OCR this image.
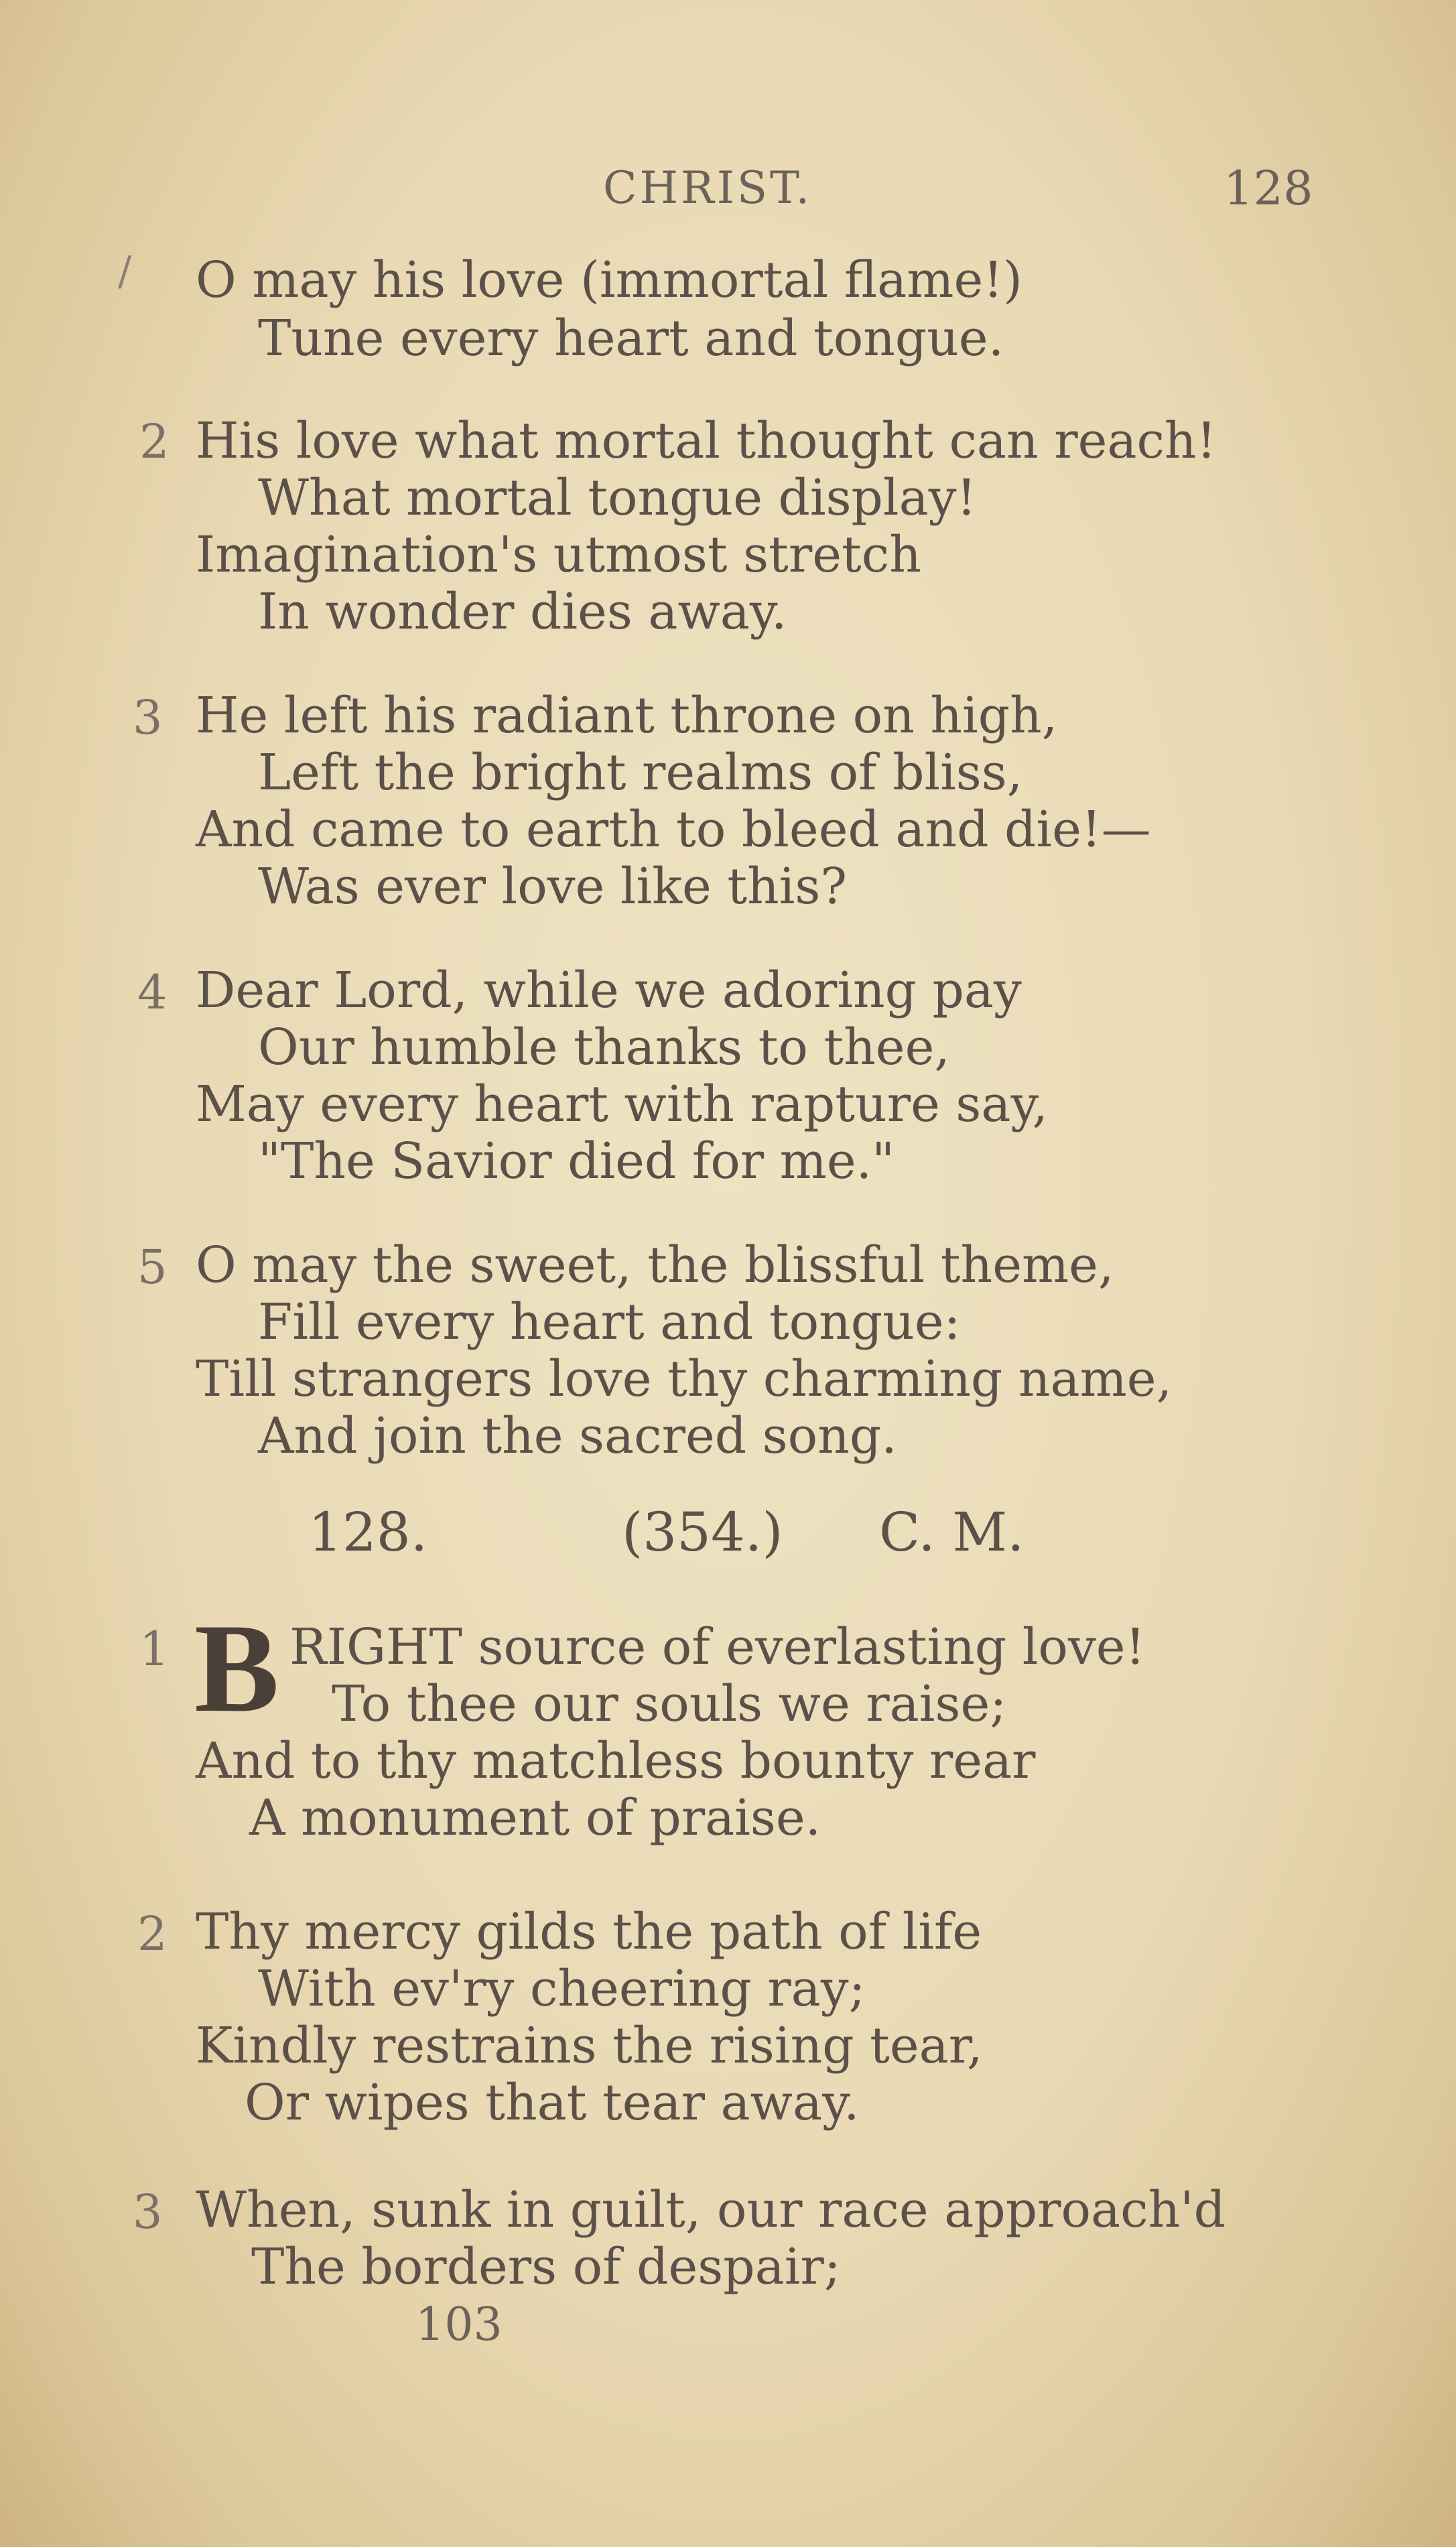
CHRIST.	128
/ O may his love (immortal flame!)
Tune every heart and tongue.
2 His love what mortal thought can reach!
What mortal tongue display!
Imagination's utmost stretch
In wonder dies away.
3 He left his radiant throne on high,
Left the bright realms of bliss,
And came to earth to bleed and die!—
Was ever love like this?
4 Dear Lord, while we adoring pay
Our humble thanks to thee,
May every heart with rapture say,
"The Savior died for me."
5 O may the sweet, the blissful theme,
Fill every heart and tongue:
Till strangers love thy charming name,
And join the sacred song.
128.	(354.) C. M.
1 B RIGHT source of everlasting love!
To thee our souls we raise;
And to thy matchless bounty rear
A monument of praise.
2 Thy mercy gilds the path of life
With ev'ry cheering ray;
Kindly restrains the rising tear,
Or wipes that tear away.
3 When, sunk in guilt, our race approach'd
The borders of despair;
103
